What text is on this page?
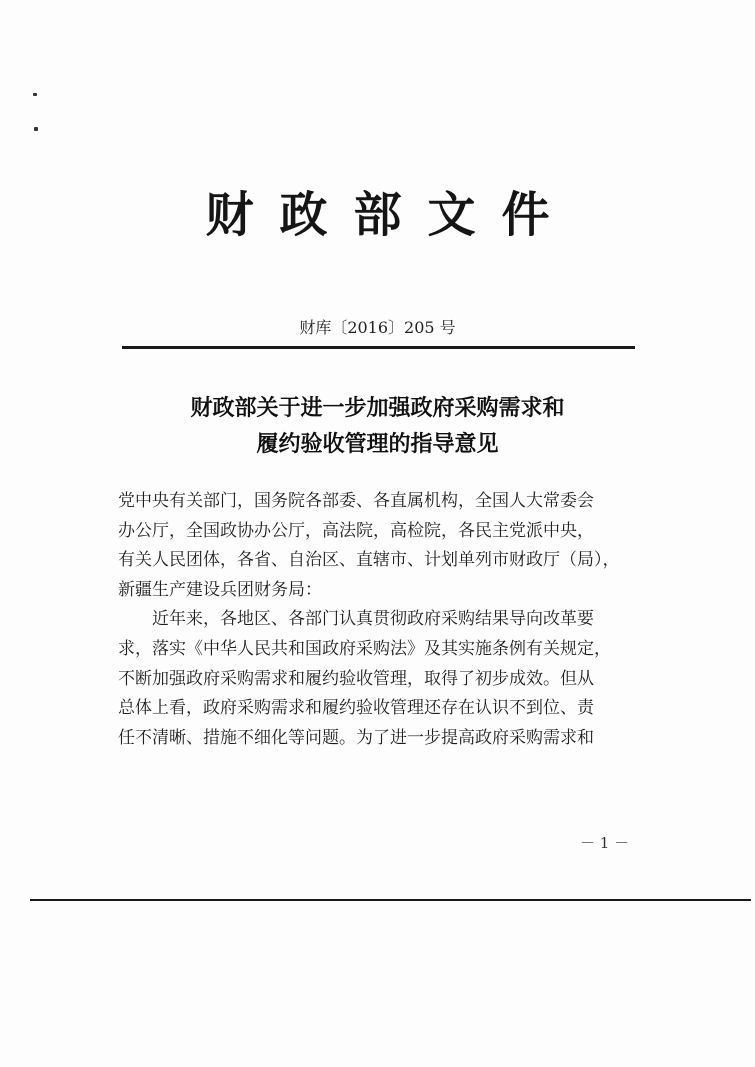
财政部文件
财库〔2016〕205 号
财政部关于进一步加强政府采购需求和
履约验收管理的指导意见
党中央有关部门，国务院各部委、各直属机构，全国人大常委会
办公厅，全国政协办公厅，高法院，高检院，各民主党派中央，
有关人民团体，各省、自治区、直辖市、计划单列市财政厅（局），
新疆生产建设兵团财务局：
　　近年来，各地区、各部门认真贯彻政府采购结果导向改革要
求，落实《中华人民共和国政府采购法》及其实施条例有关规定，
不断加强政府采购需求和履约验收管理，取得了初步成效。但从
总体上看，政府采购需求和履约验收管理还存在认识不到位、责
任不清晰、措施不细化等问题。为了进一步提高政府采购需求和
－ 1 －
